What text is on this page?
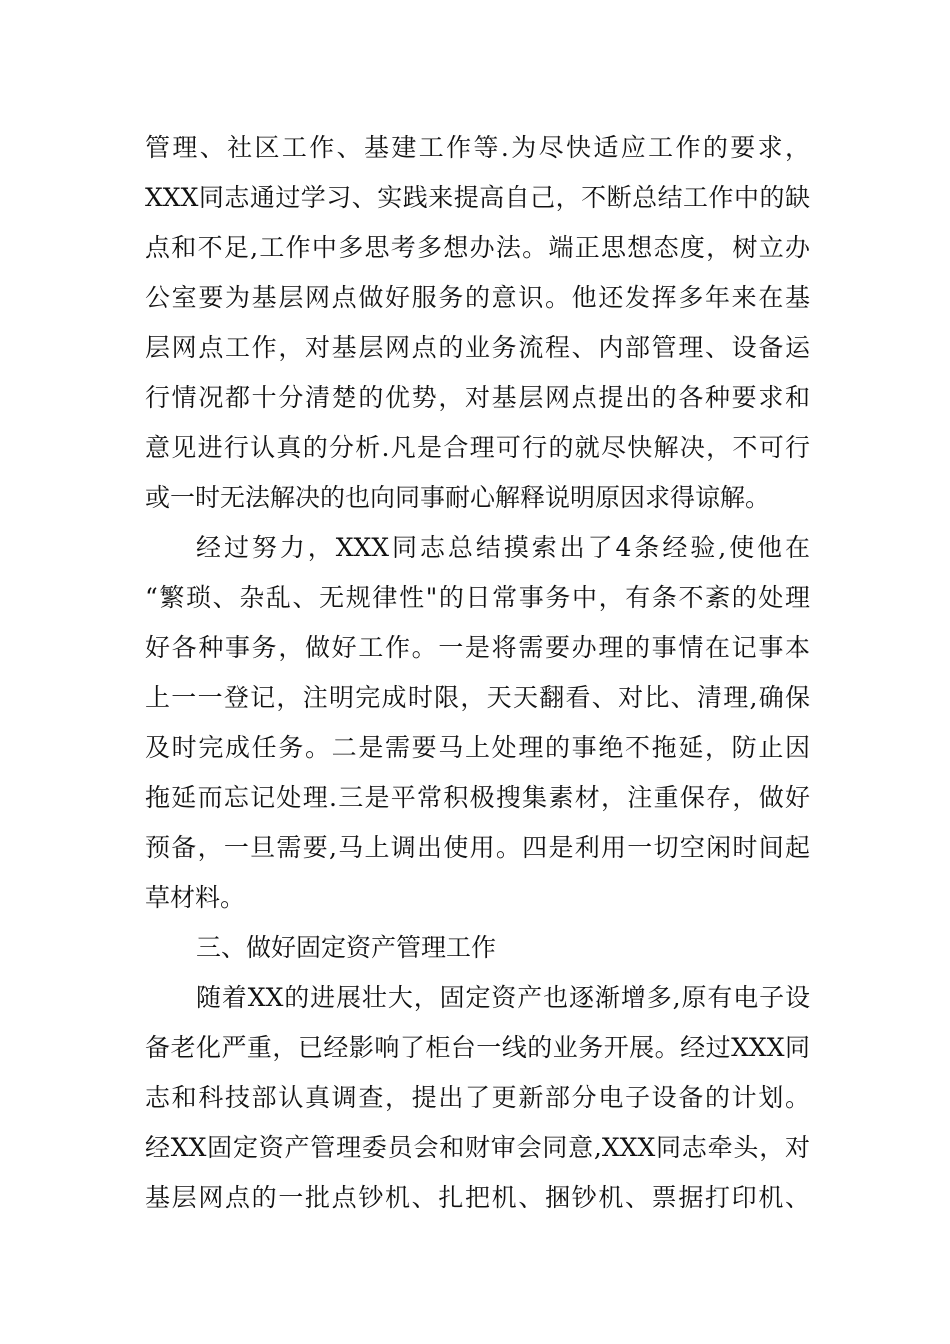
管理、社区工作、基建工作等.为尽快适应工作的要求，
XXX同志通过学习、实践来提高自己，不断总结工作中的缺
点和不足,工作中多思考多想办法。端正思想态度，树立办
公室要为基层网点做好服务的意识。他还发挥多年来在基
层网点工作，对基层网点的业务流程、内部管理、设备运
行情况都十分清楚的优势，对基层网点提出的各种要求和
意见进行认真的分析.凡是合理可行的就尽快解决，不可行
或一时无法解决的也向同事耐心解释说明原因求得谅解。
经过努力，XXX同志总结摸索出了4条经验,使他在
“繁琐、杂乱、无规律性"的日常事务中，有条不紊的处理
好各种事务，做好工作。一是将需要办理的事情在记事本
上一一登记，注明完成时限，天天翻看、对比、清理,确保
及时完成任务。二是需要马上处理的事绝不拖延，防止因
拖延而忘记处理.三是平常积极搜集素材，注重保存，做好
预备，一旦需要,马上调出使用。四是利用一切空闲时间起
草材料。
三、做好固定资产管理工作
随着XX的进展壮大，固定资产也逐渐增多,原有电子设
备老化严重，已经影响了柜台一线的业务开展。经过XXX同
志和科技部认真调查，提出了更新部分电子设备的计划。
经XX固定资产管理委员会和财审会同意,XXX同志牵头，对
基层网点的一批点钞机、扎把机、捆钞机、票据打印机、
